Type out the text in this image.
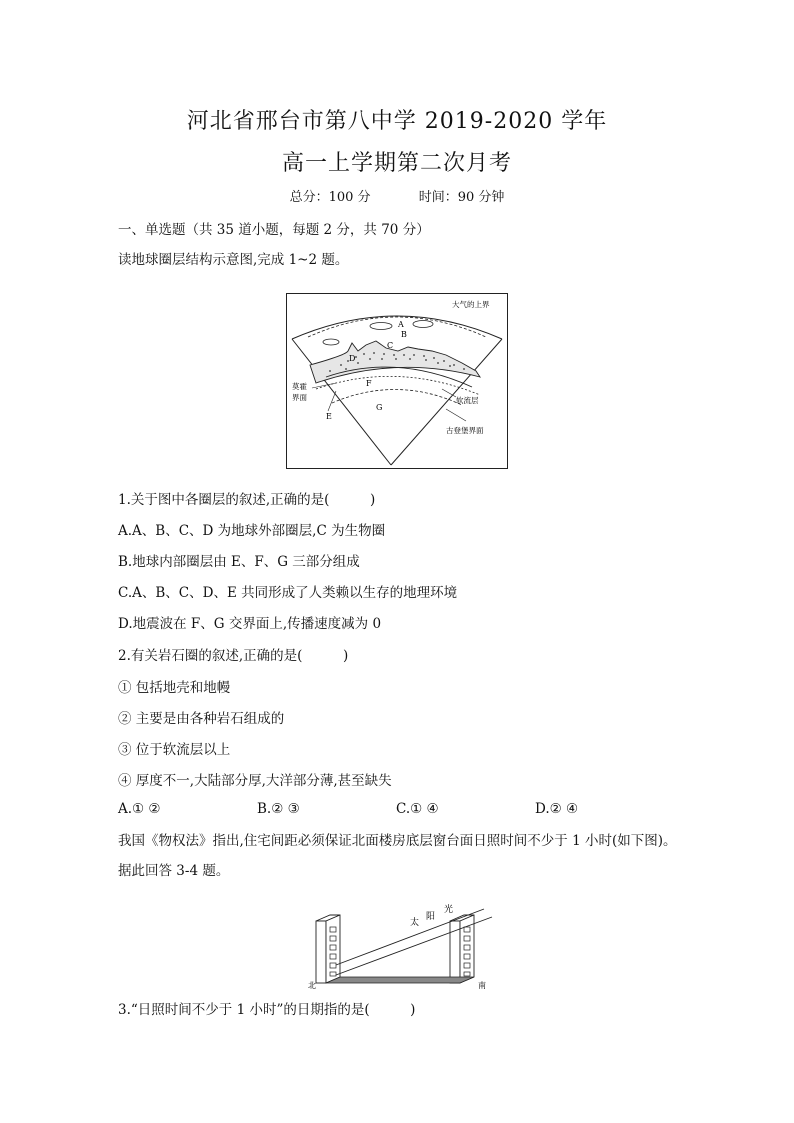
河北省邢台市第八中学 2019-2020 学年
高一上学期第二次月考
总分：100 分	时间：90 分钟
一、单选题（共 35 道小题，每题 2 分，共 70 分）
读地球圈层结构示意图,完成 1~2 题。
大气的上界
A
B
C
D
E
F
G
莫霍
界面	软流层
古登堡界面
1.关于图中各圈层的叙述,正确的是(　　　)
A.A、B、C、D 为地球外部圈层,C 为生物圈
B.地球内部圈层由 E、F、G 三部分组成
C.A、B、C、D、E 共同形成了人类赖以生存的地理环境
D.地震波在 F、G 交界面上,传播速度减为 0
2.有关岩石圈的叙述,正确的是(　　　)
① 包括地壳和地幔
② 主要是由各种岩石组成的
③ 位于软流层以上
④ 厚度不一,大陆部分厚,大洋部分薄,甚至缺失
A.① ②	B.② ③	C.① ④	D.② ④
我国《物权法》指出,住宅间距必须保证北面楼房底层窗台面日照时间不少于 1 小时(如下图)。据此回答 3-4 题。
太
阳
光
北	南
3.“日照时间不少于 1 小时”的日期指的是(　　　)
